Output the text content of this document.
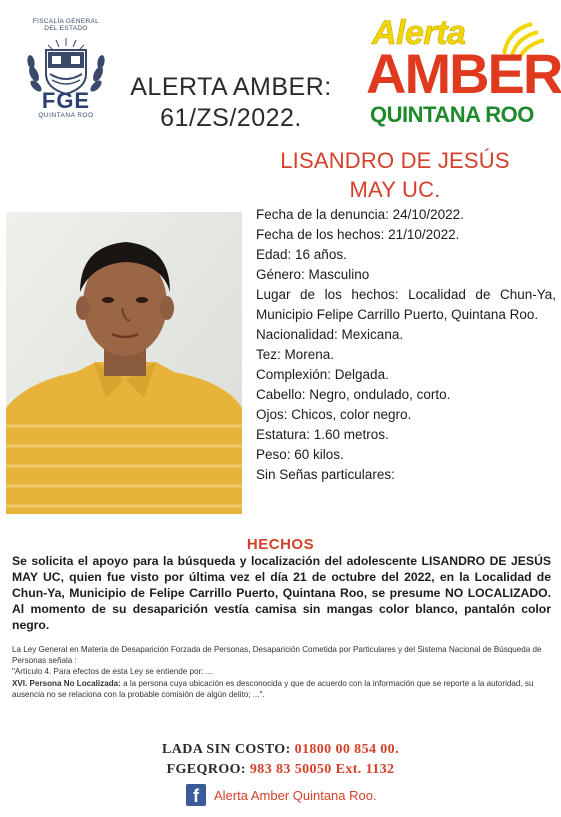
FISCALÍA GENERAL
DEL ESTADO
FGE
QUINTANA ROO
ALERTA AMBER:
61/ZS/2022.
Alerta
AMBER
QUINTANA ROO
LISANDRO DE JESÚS
MAY UC.
Fecha de la denuncia: 24/10/2022.
Fecha de los hechos: 21/10/2022.
Edad: 16 años.
Género: Masculino
Lugar de los hechos: Localidad de Chun-Ya, Municipio Felipe Carrillo Puerto, Quintana Roo.
Nacionalidad: Mexicana.
Tez: Morena.
Complexión: Delgada.
Cabello: Negro, ondulado, corto.
Ojos: Chicos, color negro.
Estatura: 1.60 metros.
Peso: 60 kilos.
Sin Señas particulares:
HECHOS
Se solicita el apoyo para la búsqueda y localización del adolescente LISANDRO DE JESÚS MAY UC, quien fue visto por última vez el día 21 de octubre del 2022, en la Localidad de Chun-Ya, Municipio de Felipe Carrillo Puerto, Quintana Roo, se presume NO LOCALIZADO. Al momento de su desaparición vestía camisa sin mangas color blanco, pantalón color negro.

La Ley General en Materia de Desaparición Forzada de Personas, Desaparición Cometida por Particulares y del Sistema Nacional de Búsqueda de Personas señala :

"Artículo 4. Para efectos de esta Ley se entiende por: ...

XVI. Persona No Localizada: a la persona cuya ubicación es desconocida y que de acuerdo con la información que se reporte a la autoridad, su ausencia no se relaciona con la probable comisión de algún delito; ...".

LADA SIN COSTO: 01800 00 854 00.
FGEQROO: 983 83 50050 Ext. 1132
f	Alerta Amber Quintana Roo.
